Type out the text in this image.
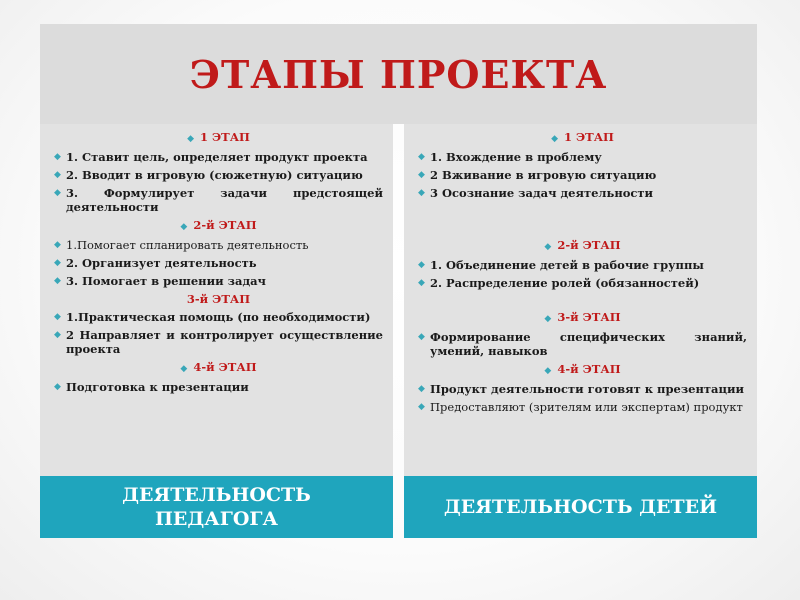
ЭТАПЫ ПРОЕКТА
◆ 1 ЭТАП
◆ 1. Ставит цель, определяет продукт проекта
◆ 2. Вводит в игровую (сюжетную) ситуацию
◆ 3. Формулирует задачи предстоящей деятельности
◆ 2-й ЭТАП
◆ 1.Помогает спланировать деятельность
◆ 2. Организует деятельность
◆ 3. Помогает в решении задач
3-й ЭТАП
◆ 1.Практическая помощь (по необходимости)
◆ 2 Направляет и контролирует осуществление проекта
◆ 4-й ЭТАП
◆ Подготовка к презентации
ДЕЯТЕЛЬНОСТЬ
ПЕДАГОГА
◆ 1 ЭТАП
◆ 1. Вхождение в проблему
◆ 2 Вживание в игровую ситуацию
◆ 3 Осознание задач деятельности
◆ 2-й ЭТАП
◆ 1. Объединение детей в рабочие группы
◆ 2. Распределение ролей (обязанностей)
◆ 3-й ЭТАП
◆ Формирование специфических знаний, умений, навыков
◆ 4-й ЭТАП
◆ Продукт деятельности готовят к презентации
◆ Предоставляют (зрителям или экспертам) продукт
ДЕЯТЕЛЬНОСТЬ ДЕТЕЙ
